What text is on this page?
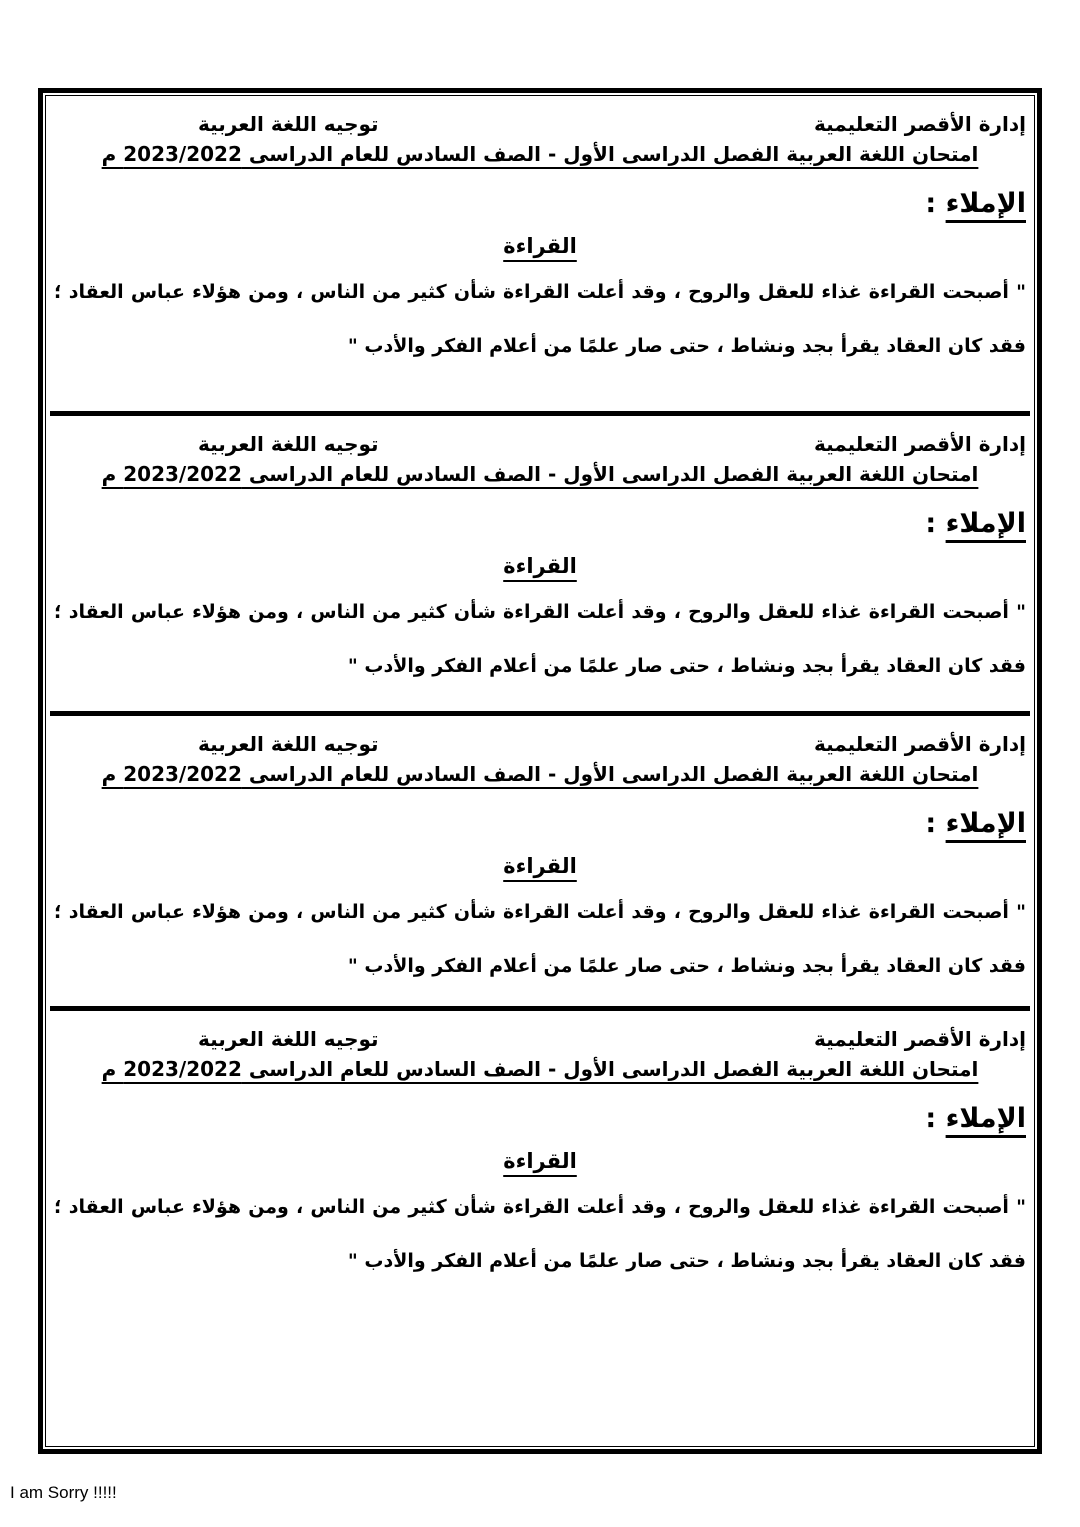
إدارة الأقصر التعليمية
توجيه اللغة العربية
امتحان اللغة العربية الفصل الدراسى الأول - الصف السادس للعام الدراسى 2023/2022 م
الإملاء :
القراءة
" أصبحت القراءة غذاء للعقل والروح ، وقد أعلت القراءة شأن كثير من الناس ، ومن هؤلاء عباس العقاد ؛ فقد كان العقاد يقرأ بجد ونشاط ، حتى صار علمًا من أعلام الفكر والأدب "
إدارة الأقصر التعليمية
توجيه اللغة العربية
امتحان اللغة العربية الفصل الدراسى الأول - الصف السادس للعام الدراسى 2023/2022 م
الإملاء :
القراءة
" أصبحت القراءة غذاء للعقل والروح ، وقد أعلت القراءة شأن كثير من الناس ، ومن هؤلاء عباس العقاد ؛ فقد كان العقاد يقرأ بجد ونشاط ، حتى صار علمًا من أعلام الفكر والأدب "
إدارة الأقصر التعليمية
توجيه اللغة العربية
امتحان اللغة العربية الفصل الدراسى الأول - الصف السادس للعام الدراسى 2023/2022 م
الإملاء :
القراءة
" أصبحت القراءة غذاء للعقل والروح ، وقد أعلت القراءة شأن كثير من الناس ، ومن هؤلاء عباس العقاد ؛ فقد كان العقاد يقرأ بجد ونشاط ، حتى صار علمًا من أعلام الفكر والأدب "
إدارة الأقصر التعليمية
توجيه اللغة العربية
امتحان اللغة العربية الفصل الدراسى الأول - الصف السادس للعام الدراسى 2023/2022 م
الإملاء :
القراءة
" أصبحت القراءة غذاء للعقل والروح ، وقد أعلت القراءة شأن كثير من الناس ، ومن هؤلاء عباس العقاد ؛ فقد كان العقاد يقرأ بجد ونشاط ، حتى صار علمًا من أعلام الفكر والأدب "
I am Sorry !!!!!
